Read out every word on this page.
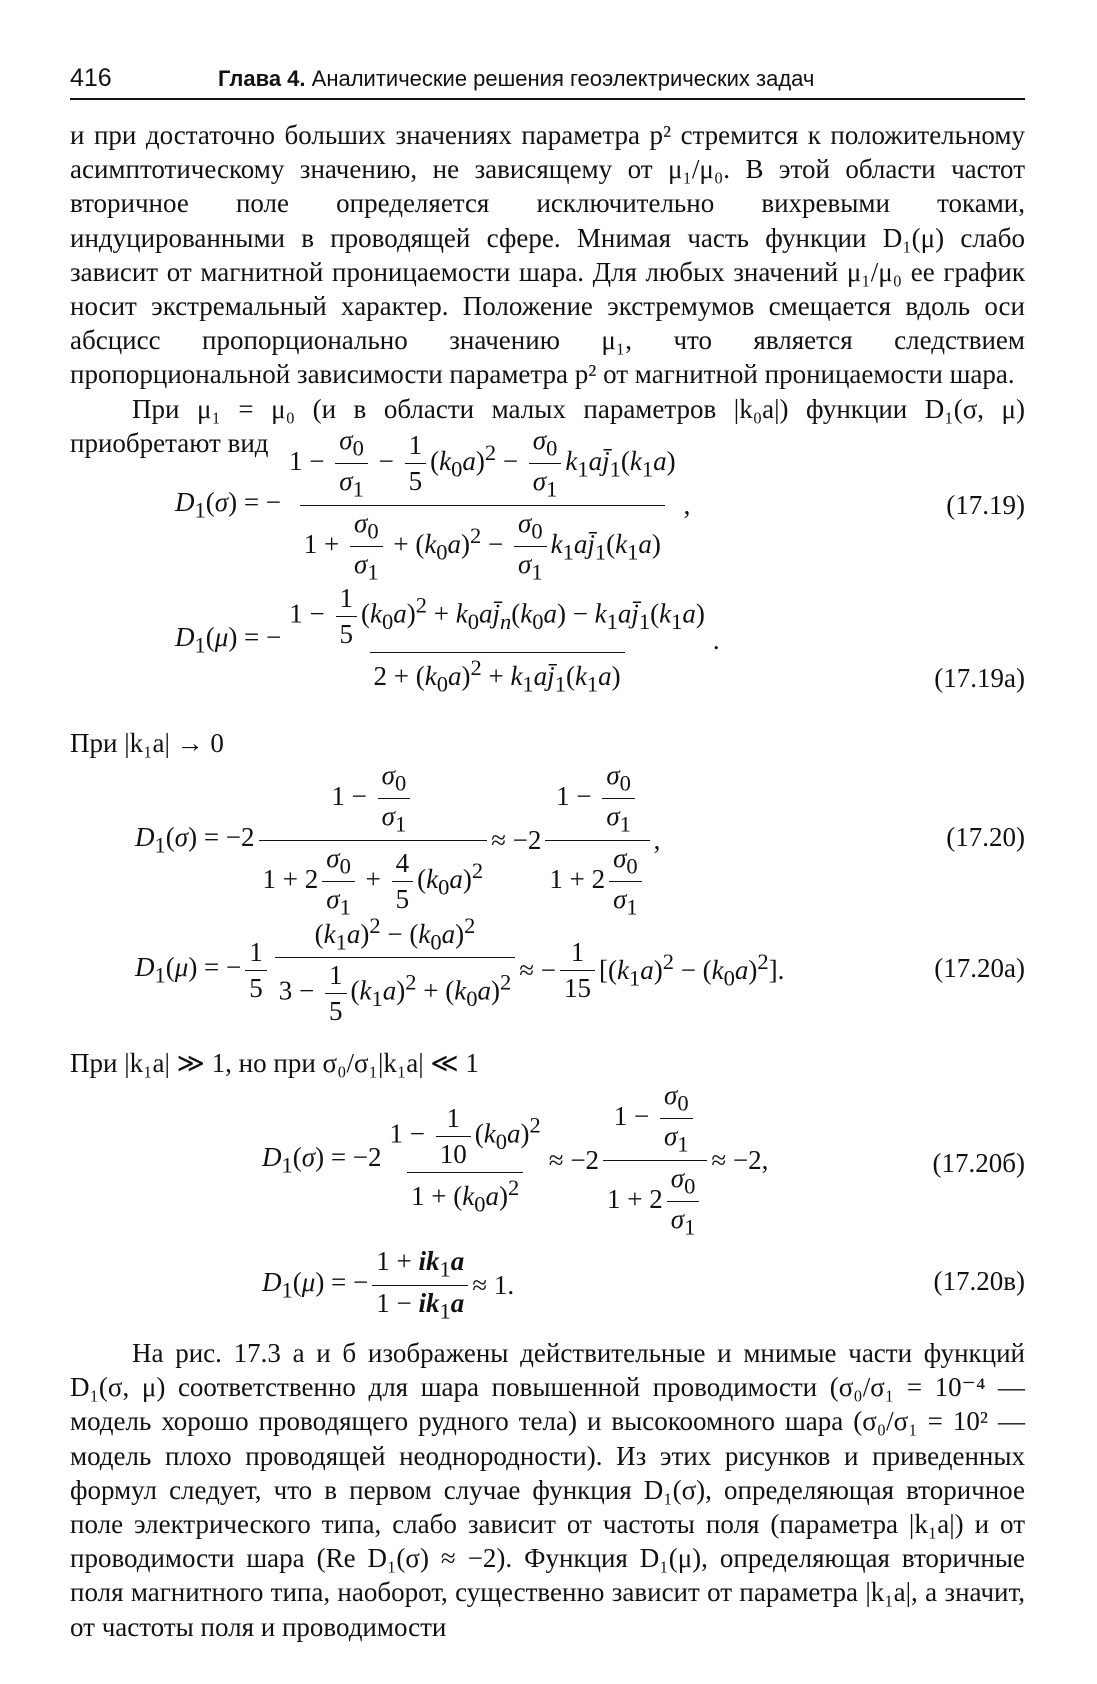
416	Глава 4. Аналитические решения геоэлектрических задач
и при достаточно больших значениях параметра p² стремится к положительному асимптотическому значению, не зависящему от μ₁/μ₀. В этой области частот вторичное поле определяется исключительно вихревыми токами, индуцированными в проводящей сфере. Мнимая часть функции D₁(μ) слабо зависит от магнитной проницаемости шара. Для любых значений μ₁/μ₀ ее график носит экстремальный характер. Положение экстремумов смещается вдоль оси абсцисс пропорционально значению μ₁, что является следствием пропорциональной зависимости параметра p² от магнитной проницаемости шара.
При μ₁ = μ₀ (и в области малых параметров |k₀a|) функции D₁(σ, μ) приобретают вид
$D_1(\sigma)$ = − $\frac{1 - \frac{\sigma_0}{\sigma_1} - \frac{1}{5} (k_0a)^2 - \frac{\sigma_0}{\sigma_1} k_1aj̄_1(k_1a)}{1 + \frac{\sigma_0}{\sigma_1} + (k_0a)^2 - \frac{\sigma_0}{\sigma_1} k_1aj̄_1(k_1a)}$ ,	(17.19)
$D_1(\mu)$ = − $\frac{1 - \frac{1}{5} (k_0a)^2 + k_0aj̄_n(k_0a) - k_1aj̄_1(k_1a)}{2 + (k_0a)^2 + k_1aj̄_1(k_1a)}$ .
(17.19а)
При |k₁a| → 0
$D_1(\sigma) = -2 \frac{1 - \frac{\sigma_0}{\sigma_1}}{1 + 2 \frac{\sigma_0}{\sigma_1} + \frac{4}{5} (k_0a)^2} \approx -2 \frac{1 - \frac{\sigma_0}{\sigma_1}}{1 + 2 \frac{\sigma_0}{\sigma_1}}$ ,	(17.20)
$D_1(\mu)$ = − $\frac{1}{5} \frac{(k_1a)^2 - (k_0a)^2}{3 - \frac{1}{5} (k_1a)^2 + (k_0a)^2}$ ≈ − $\frac{1}{15} [(k_1a)^2 - (k_0a)^2]$.	(17.20а)
При |k₁a| ≫ 1, но при σ₀/σ₁|k₁a| ≪ 1
$D_1(\sigma) = -2 \frac{1 - \frac{1}{10} (k_0a)^2}{1 + (k_0a)^2} \approx -2 \frac{1 - \frac{\sigma_0}{\sigma_1}}{1 + 2 \frac{\sigma_0}{\sigma_1}} \approx -2$,	(17.20б)
$D_1(\mu)$ = − $\frac{1 + ik_1a}{1 - ik_1a} \approx 1$.	(17.20в)
На рис. 17.3 а и б изображены действительные и мнимые части функций D₁(σ, μ) соответственно для шара повышенной проводимости (σ₀/σ₁ = 10⁻⁴ — модель хорошо проводящего рудного тела) и высокоомного шара (σ₀/σ₁ = 10² — модель плохо проводящей неоднородности). Из этих рисунков и приведенных формул следует, что в первом случае функция D₁(σ), определяющая вторичное поле электрического типа, слабо зависит от частоты поля (параметра |k₁a|) и от проводимости шара (Re D₁(σ) ≈ −2). Функция D₁(μ), определяющая вторичные поля магнитного типа, наоборот, существенно зависит от параметра |k₁a|, а значит, от частоты поля и проводимости
